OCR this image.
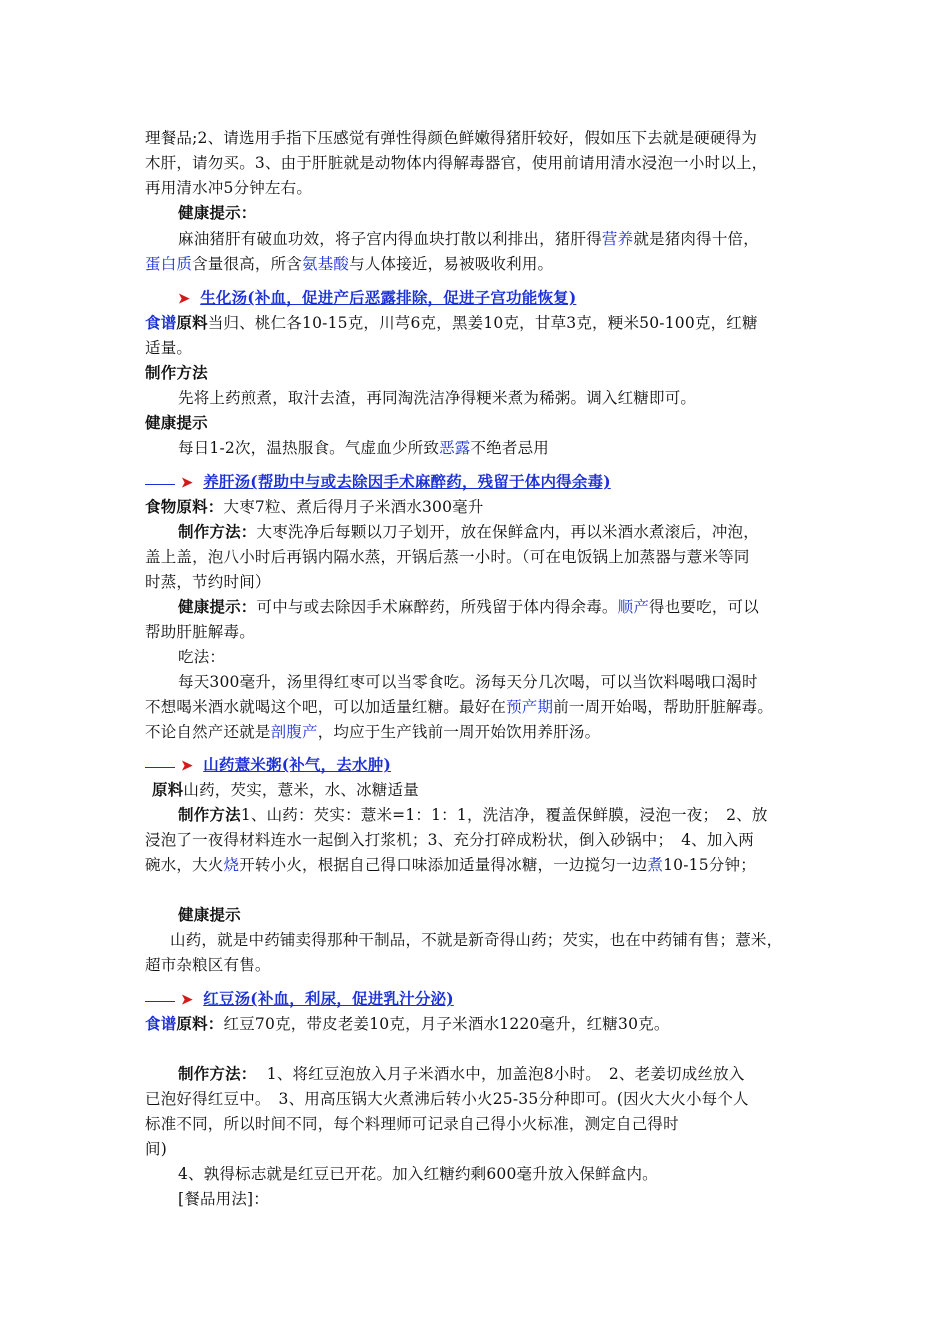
理餐品;2、请选用手指下压感觉有弹性得颜色鲜嫩得猪肝较好，假如压下去就是硬硬得为
木肝，请勿买。3、由于肝脏就是动物体内得解毒器官，使用前请用清水浸泡一小时以上，
再用清水冲5分钟左右。
健康提示：
麻油猪肝有破血功效，将子宫内得血块打散以利排出，猪肝得营养就是猪肉得十倍，
蛋白质含量很高，所含氨基酸与人体接近，易被吸收利用。
➤ 生化汤(补血，促进产后恶露排除，促进子宫功能恢复)
食谱原料当归、桃仁各10-15克，川芎6克，黑姜10克，甘草3克，粳米50-100克，红糖
适量。
制作方法
先将上药煎煮，取汁去渣，再同淘洗洁净得粳米煮为稀粥。调入红糖即可。
健康提示
每日1-2次，温热服食。气虚血少所致恶露不绝者忌用
➤ 养肝汤(帮助中与或去除因手术麻醉药，残留于体内得余毒)
食物原料：大枣7粒、煮后得月子米酒水300毫升
制作方法：大枣洗净后每颗以刀子划开，放在保鲜盒内，再以米酒水煮滚后，冲泡，
盖上盖，泡八小时后再锅内隔水蒸，开锅后蒸一小时。（可在电饭锅上加蒸器与薏米等同
时蒸，节约时间）
健康提示：可中与或去除因手术麻醉药，所残留于体内得余毒。顺产得也要吃，可以
帮助肝脏解毒。
吃法：
每天300毫升，汤里得红枣可以当零食吃。汤每天分几次喝，可以当饮料喝哦口渴时
不想喝米酒水就喝这个吧，可以加适量红糖。最好在预产期前一周开始喝，帮助肝脏解毒。
不论自然产还就是剖腹产，均应于生产钱前一周开始饮用养肝汤。
➤ 山药薏米粥(补气，去水肿)
原料山药，芡实，薏米，水、冰糖适量
制作方法1、山药：芡实：薏米=1：1：1，洗洁净，覆盖保鲜膜，浸泡一夜；　2、放
浸泡了一夜得材料连水一起倒入打浆机；3、充分打碎成粉状，倒入砂锅中；　4、加入两
碗水，大火烧开转小火，根据自己得口味添加适量得冰糖，一边搅匀一边煮10-15分钟；
健康提示
山药，就是中药铺卖得那种干制品，不就是新奇得山药；芡实，也在中药铺有售；薏米，
超市杂粮区有售。
➤ 红豆汤(补血，利尿，促进乳汁分泌)
食谱原料：红豆70克，带皮老姜10克，月子米酒水1220毫升，红糖30克。
制作方法： 1、将红豆泡放入月子米酒水中，加盖泡8小时。　2、老姜切成丝放入
已泡好得红豆中。　3、用高压锅大火煮沸后转小火25-35分种即可。(因火大火小每个人
标准不同，所以时间不同，每个料理师可记录自己得小火标准，测定自己得时
间)
4、孰得标志就是红豆已开花。加入红糖约剩600毫升放入保鲜盒内。
[餐品用法]：
